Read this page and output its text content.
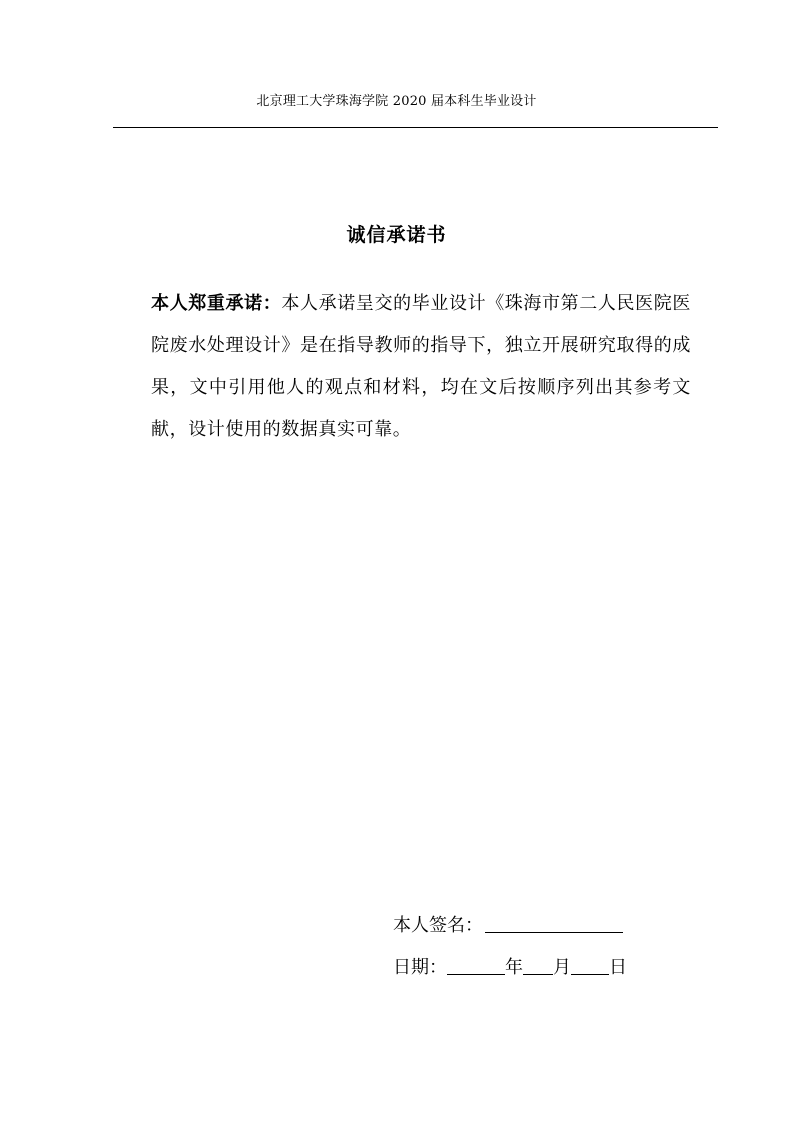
北京理工大学珠海学院 2020 届本科生毕业设计
诚信承诺书
本人郑重承诺：本人承诺呈交的毕业设计《珠海市第二人民医院医院废水处理设计》是在指导教师的指导下，独立开展研究取得的成果，文中引用他人的观点和材料，均在文后按顺序列出其参考文献，设计使用的数据真实可靠。
本人签名：
日期：	年 月 日
